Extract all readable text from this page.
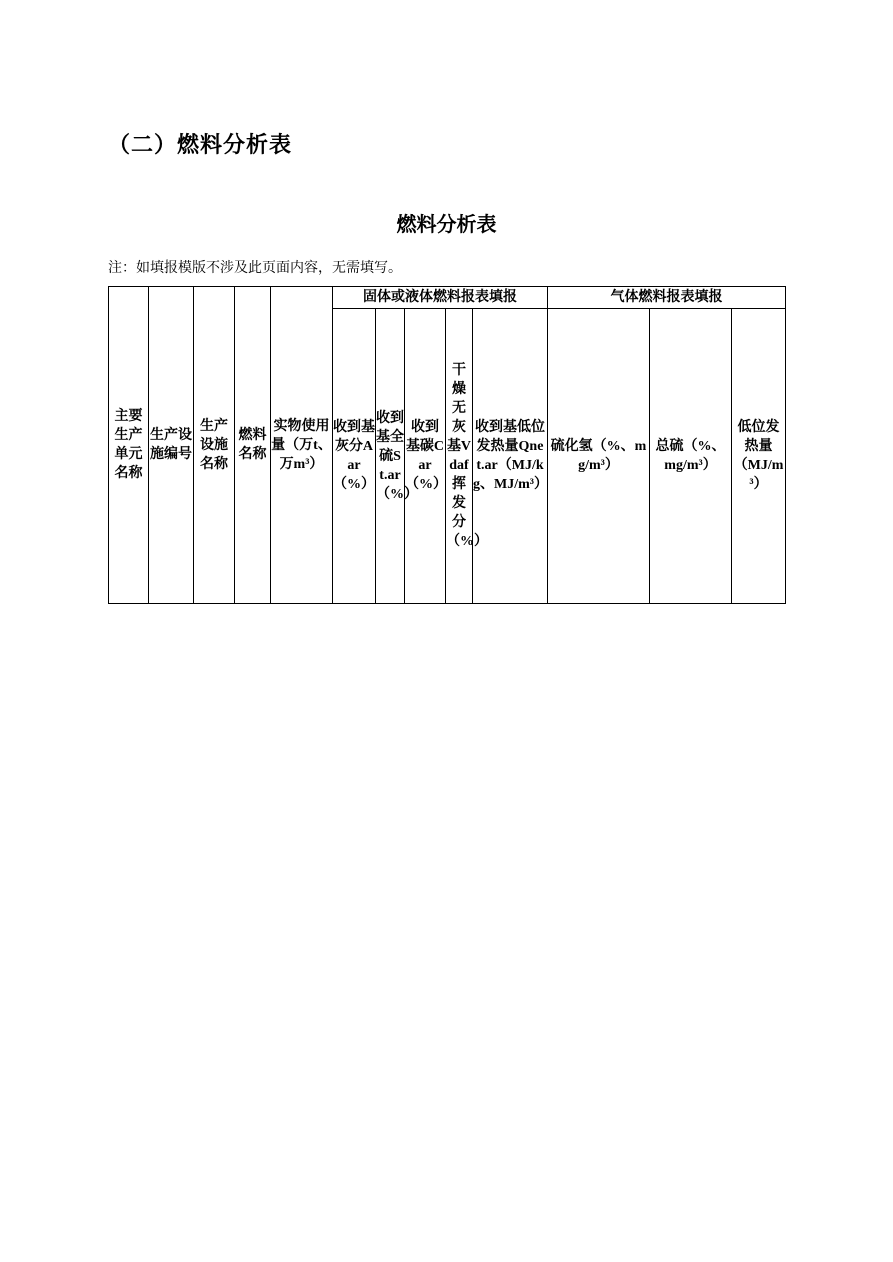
（二）燃料分析表
燃料分析表
注：如填报模版不涉及此页面内容，无需填写。
主要生产单元名称	生产设施编号	生产设施名称	燃料名称	实物使用量（万t、万m³）	固体或液体燃料报表填报					气体燃料报表填报		
					收到基灰分Aar（%）	收到基全硫St.ar（%）	收到基碳Car（%）	干燥无灰基Vdaf挥发分（%）	收到基低位发热量Qnet.ar（MJ/kg、MJ/m³）	硫化氢（%、mg/m³）	总硫（%、mg/m³）	低位发热量（MJ/m³）
